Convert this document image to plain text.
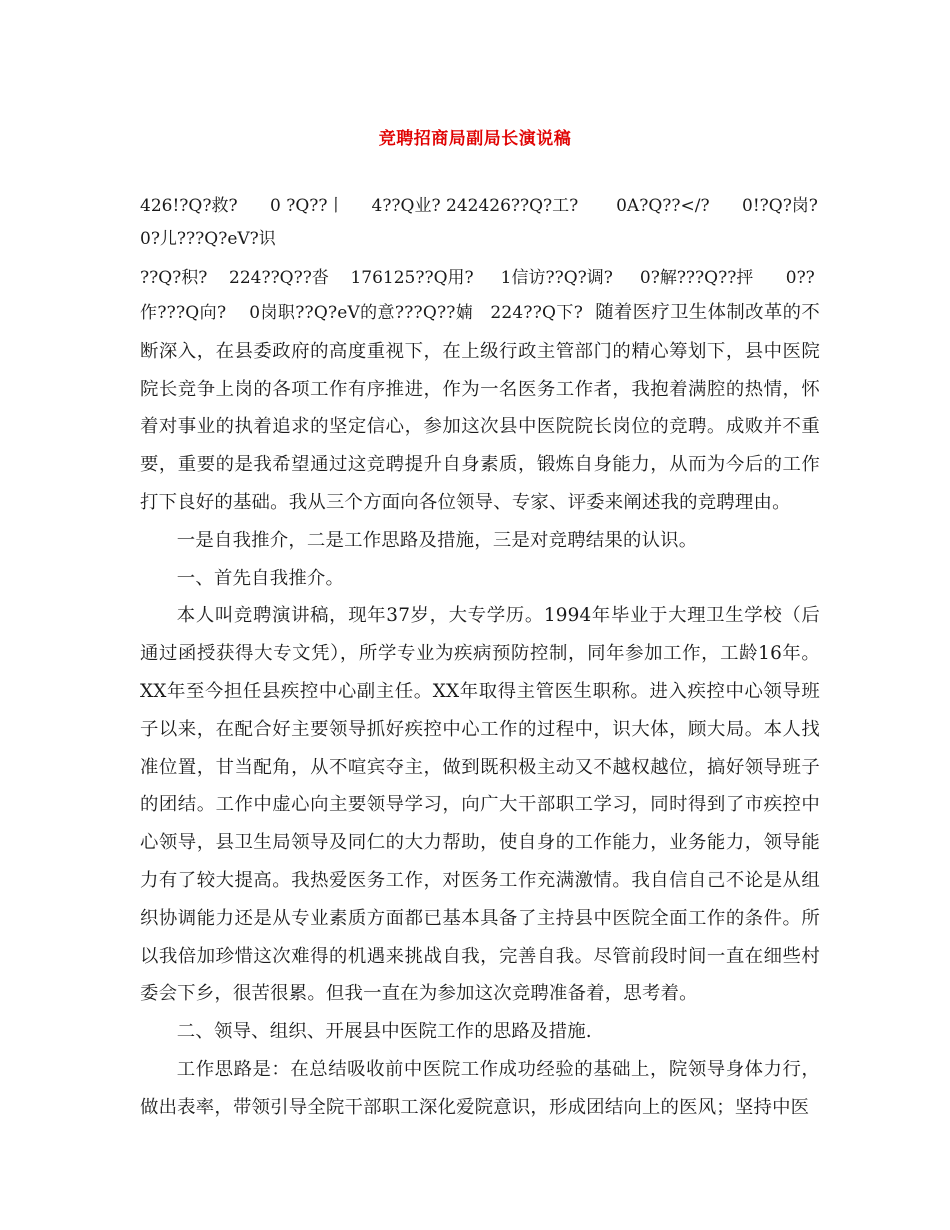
竞聘招商局副局长演说稿
426!?Q?救?      0 ?Q??丨     4??Q业? 242426??Q?工?       0A?Q??</?      0!?Q?岗?
0?儿???Q?eV?识
??Q?积?    224??Q??沓    176125??Q用?     1信访??Q?调?     0?解???Q??抨      0??

作???Q向?    0岗职??Q?eV的意???Q??婻   224??Q下? 随着医疗卫生体制改革的不断深入，在县委政府的高度重视下，在上级行政主管部门的精心筹划下，县中医院院长竞争上岗的各项工作有序推进，作为一名医务工作者，我抱着满腔的热情，怀着对事业的执着追求的坚定信心，参加这次县中医院院长岗位的竞聘。成败并不重要，重要的是我希望通过这竞聘提升自身素质，锻炼自身能力，从而为今后的工作打下良好的基础。我从三个方面向各位领导、专家、评委来阐述我的竞聘理由。

一是自我推介，二是工作思路及措施，三是对竞聘结果的认识。

一、首先自我推介。

本人叫竞聘演讲稿，现年37岁，大专学历。1994年毕业于大理卫生学校（后通过函授获得大专文凭），所学专业为疾病预防控制，同年参加工作，工龄16年。XX年至今担任县疾控中心副主任。XX年取得主管医生职称。进入疾控中心领导班子以来，在配合好主要领导抓好疾控中心工作的过程中，识大体，顾大局。本人找准位置，甘当配角，从不喧宾夺主，做到既积极主动又不越权越位，搞好领导班子的团结。工作中虚心向主要领导学习，向广大干部职工学习，同时得到了市疾控中心领导，县卫生局领导及同仁的大力帮助，使自身的工作能力，业务能力，领导能力有了较大提高。我热爱医务工作，对医务工作充满激情。我自信自己不论是从组织协调能力还是从专业素质方面都已基本具备了主持县中医院全面工作的条件。所以我倍加珍惜这次难得的机遇来挑战自我，完善自我。尽管前段时间一直在细些村委会下乡，很苦很累。但我一直在为参加这次竞聘准备着，思考着。

二、领导、组织、开展县中医院工作的思路及措施.

工作思路是：在总结吸收前中医院工作成功经验的基础上，院领导身体力行，做出表率，带领引导全院干部职工深化爱院意识，形成团结向上的医风；坚持中医
